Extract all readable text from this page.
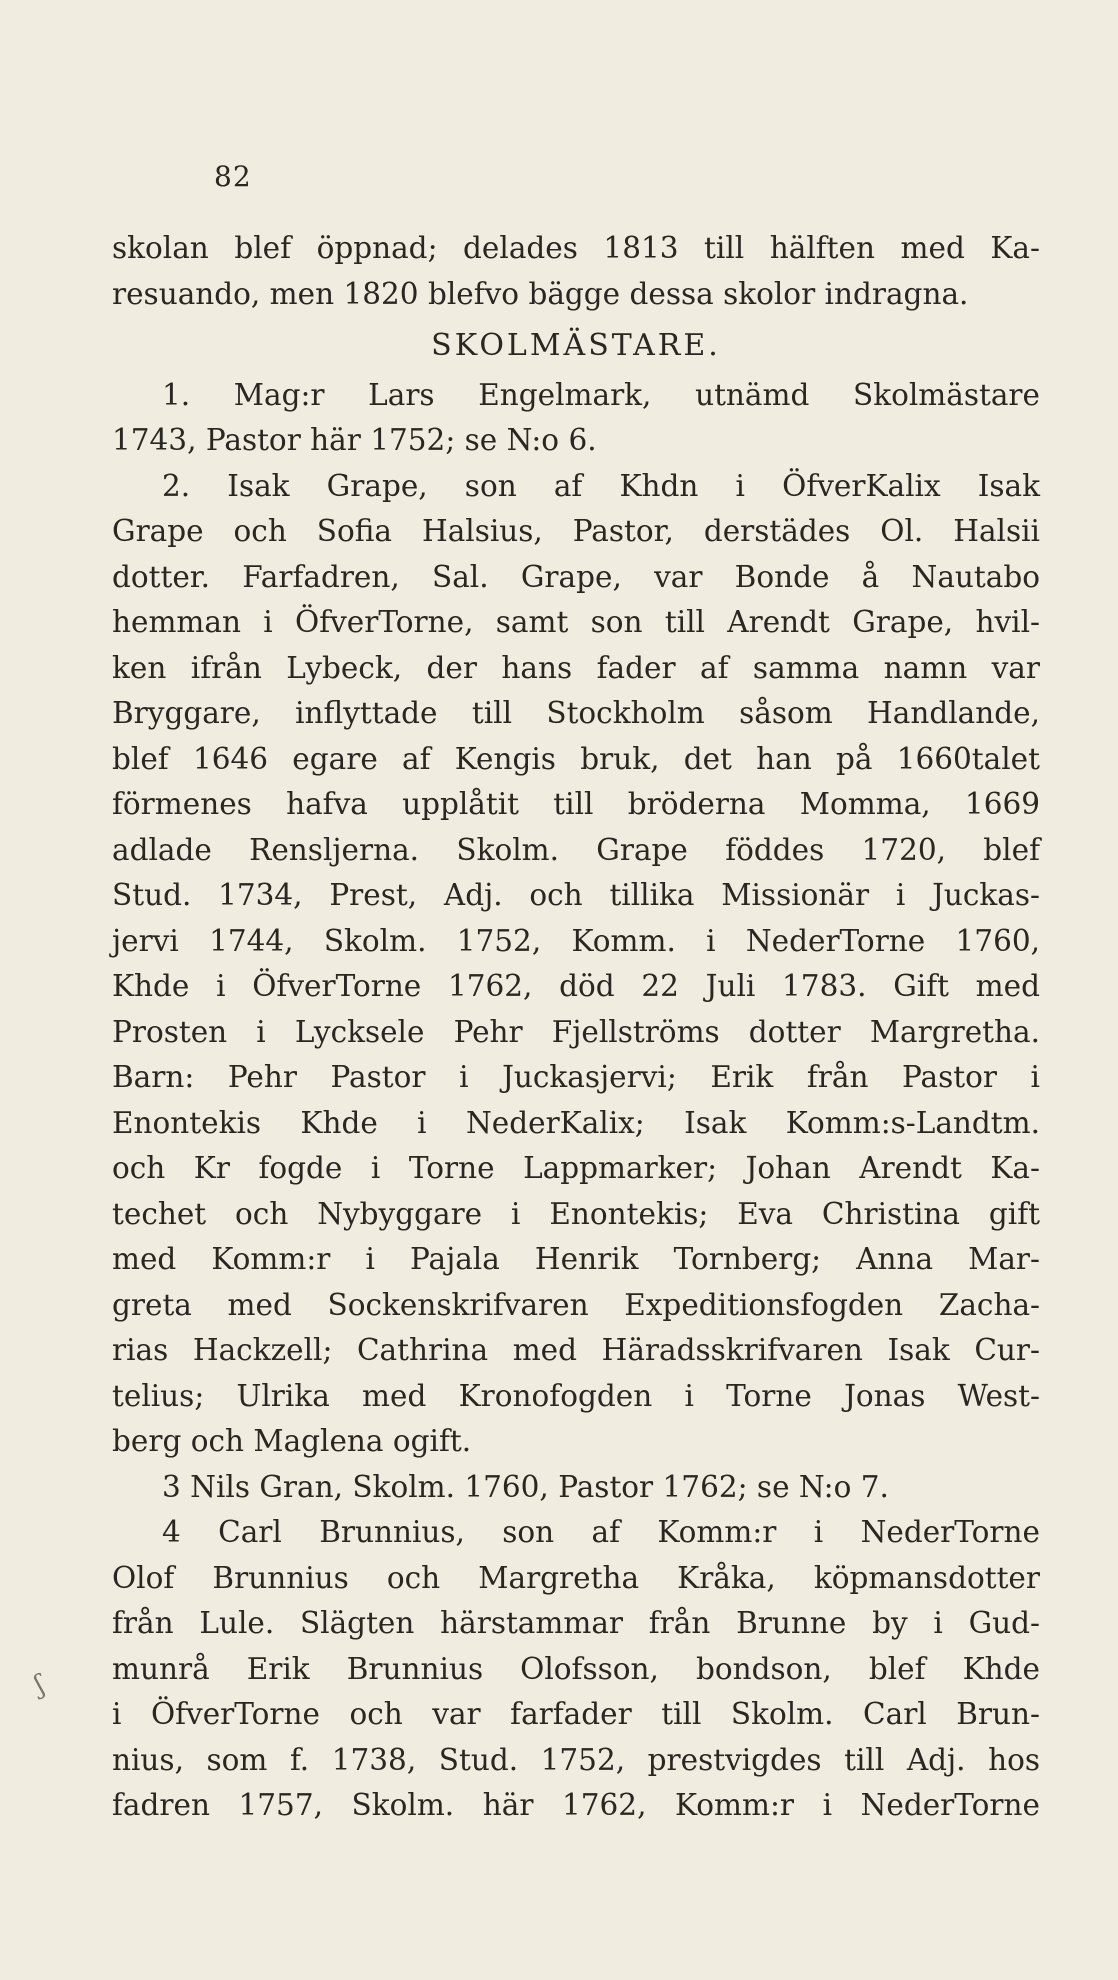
82

skolan blef öppnad; delades 1813 till hälften med Ka-
resuando, men 1820 blefvo bägge dessa skolor indragna.

SKOLMÄSTARE.

1. Mag:r Lars Engelmark, utnämd Skolmästare
1743, Pastor här 1752; se N:o 6.

2. Isak Grape, son af Khdn i ÖfverKalix Isak
Grape och Sofia Halsius, Pastor, derstädes Ol. Halsii
dotter. Farfadren, Sal. Grape, var Bonde å Nautabo
hemman i ÖfverTorne, samt son till Arendt Grape, hvil-
ken ifrån Lybeck, der hans fader af samma namn var
Bryggare, inflyttade till Stockholm såsom Handlande,
blef 1646 egare af Kengis bruk, det han på 1660talet
förmenes hafva upplåtit till bröderna Momma, 1669
adlade Rensljerna. Skolm. Grape föddes 1720, blef
Stud. 1734, Prest, Adj. och tillika Missionär i Juckas-
jervi 1744, Skolm. 1752, Komm. i NederTorne 1760,
Khde i ÖfverTorne 1762, död 22 Juli 1783. Gift med
Prosten i Lycksele Pehr Fjellströms dotter Margretha.
Barn: Pehr Pastor i Juckasjervi; Erik från Pastor i
Enontekis Khde i NederKalix; Isak Komm:s-Landtm.
och Kr fogde i Torne Lappmarker; Johan Arendt Ka-
techet och Nybyggare i Enontekis; Eva Christina gift
med Komm:r i Pajala Henrik Tornberg; Anna Mar-
greta med Sockenskrifvaren Expeditionsfogden Zacha-
rias Hackzell; Cathrina med Häradsskrifvaren Isak Cur-
telius; Ulrika med Kronofogden i Torne Jonas West-
berg och Maglena ogift.

3 Nils Gran, Skolm. 1760, Pastor 1762; se N:o 7.

4 Carl Brunnius, son af Komm:r i NederTorne
Olof Brunnius och Margretha Kråka, köpmansdotter
från Lule. Slägten härstammar från Brunne by i Gud-
munrå Erik Brunnius Olofsson, bondson, blef Khde
i ÖfverTorne och var farfader till Skolm. Carl Brun-
nius, som f. 1738, Stud. 1752, prestvigdes till Adj. hos
fadren 1757, Skolm. här 1762, Komm:r i NederTorne

ʃ
